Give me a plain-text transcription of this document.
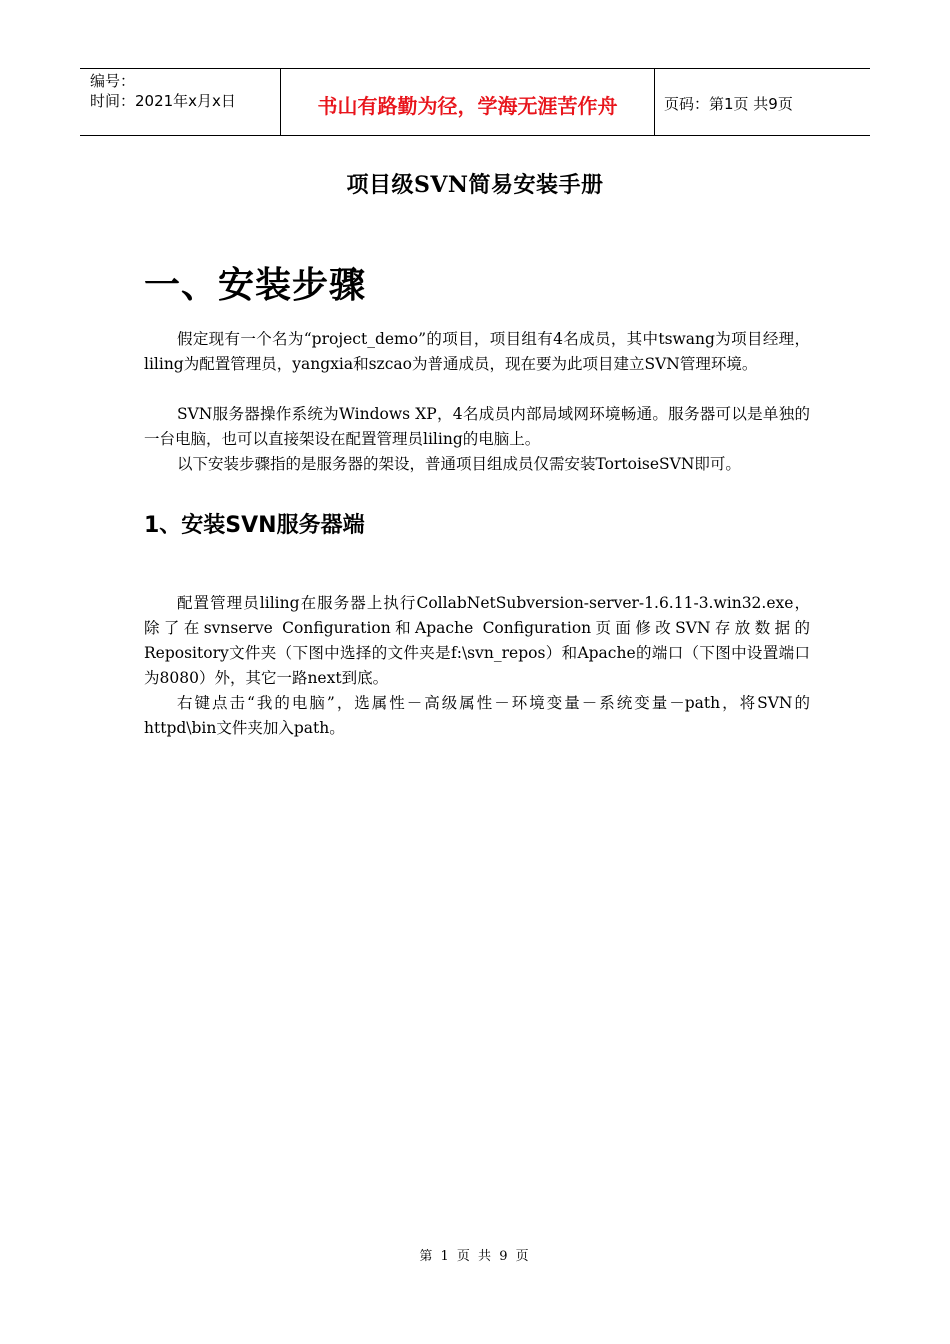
编号：
时间：2021年x月x日	书山有路勤为径，学海无涯苦作舟	页码：第1页 共9页
项目级SVN简易安装手册
一、安装步骤

假定现有一个名为“project_demo”的项目，项目组有4名成员，其中tswang为项目经理，liling为配置管理员，yangxia和szcao为普通成员，现在要为此项目建立SVN管理环境。

SVN服务器操作系统为Windows XP，4名成员内部局域网环境畅通。服务器可以是单独的一台电脑，也可以直接架设在配置管理员liling的电脑上。

以下安装步骤指的是服务器的架设，普通项目组成员仅需安装TortoiseSVN即可。

1、安装SVN服务器端

配置管理员liling在服务器上执行CollabNetSubversion-server-1.6.11-3.win32.exe，除了在svnserve Configuration和Apache Configuration页面修改SVN存放数据的Repository文件夹（下图中选择的文件夹是f:\svn_repos）和Apache的端口（下图中设置端口为8080）外，其它一路next到底。

右键点击“我的电脑”，选属性－高级属性－环境变量－系统变量－path，将SVN的httpd\bin文件夹加入path。

第 1 页 共 9 页
